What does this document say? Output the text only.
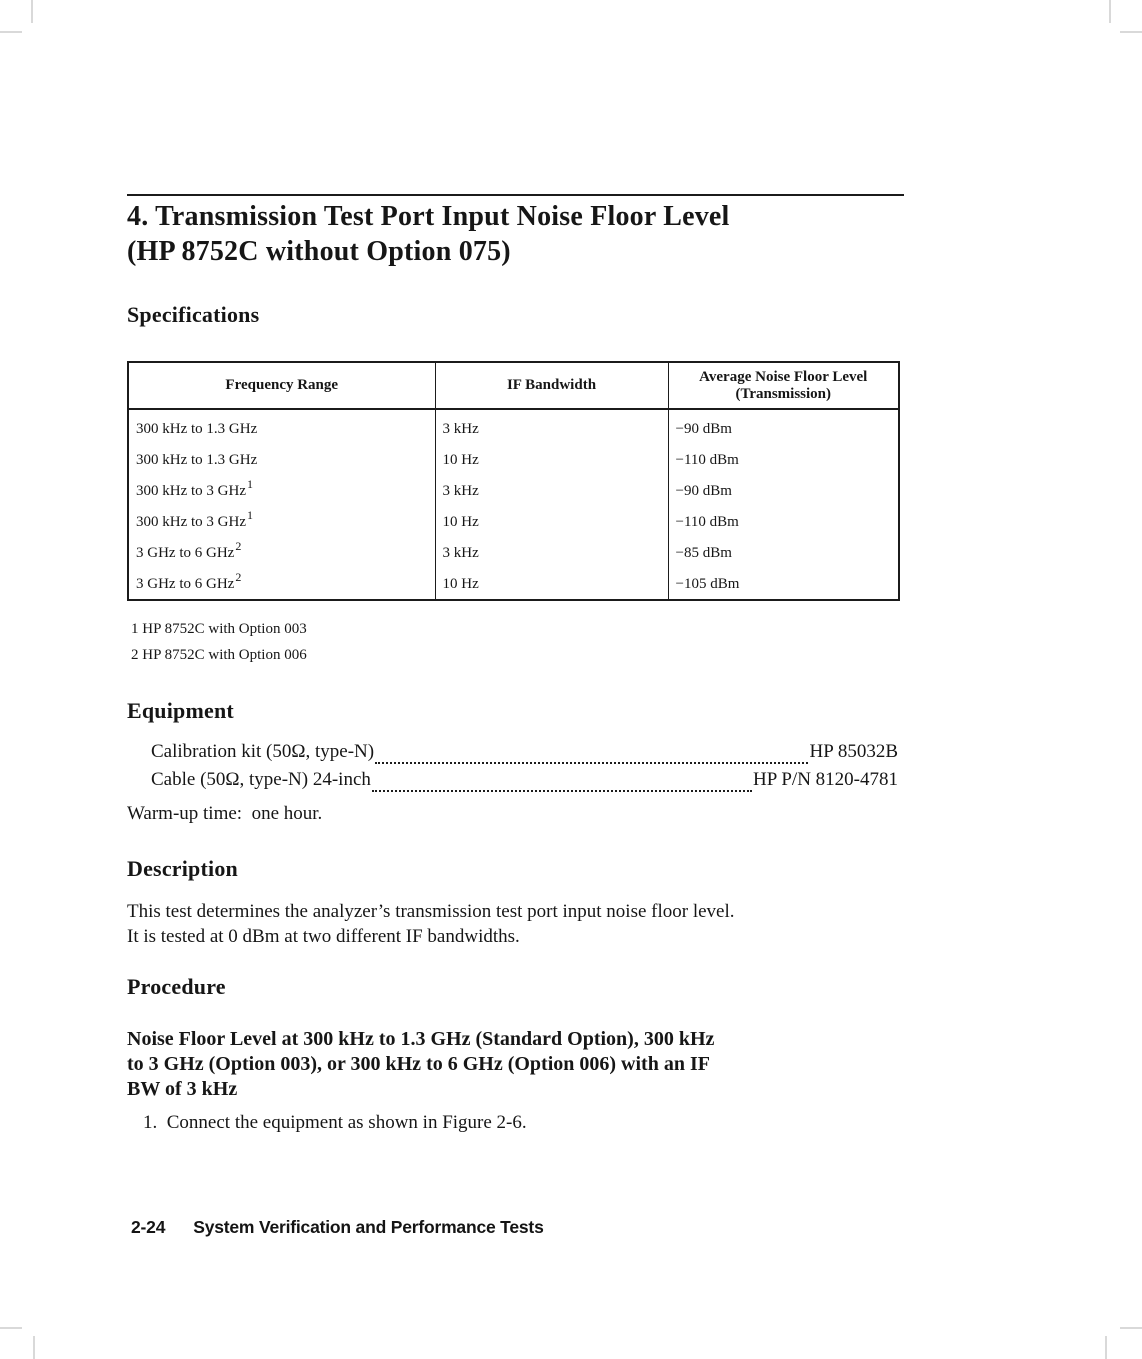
4. Transmission Test Port Input Noise Floor Level
(HP 8752C without Option 075)
Specifications
Frequency Range	IF Bandwidth	Average Noise Floor Level
(Transmission)

300 kHz to 1.3 GHz	3 kHz	−90 dBm
300 kHz to 1.3 GHz	10 Hz	−110 dBm
300 kHz to 3 GHz$^1$	3 kHz	−90 dBm
300 kHz to 3 GHz$^1$	10 Hz	−110 dBm
3 GHz to 6 GHz$^2$	3 kHz	−85 dBm
3 GHz to 6 GHz$^2$	10 Hz	−105 dBm
1 HP 8752C with Option 003
2 HP 8752C with Option 006
Equipment
Calibration kit (50Ω, type-N)	HP 85032B
Cable (50Ω, type-N) 24-inch	HP P/N 8120-4781
Warm-up time:  one hour.
Description
This test determines the analyzer’s transmission test port input noise floor level.
It is tested at 0 dBm at two different IF bandwidths.
Procedure
Noise Floor Level at 300 kHz to 1.3 GHz (Standard Option), 300 kHz
to 3 GHz (Option 003), or 300 kHz to 6 GHz (Option 006) with an IF
BW of 3 kHz
1.  Connect the equipment as shown in Figure 2-6.
2-24 System Verification and Performance Tests
